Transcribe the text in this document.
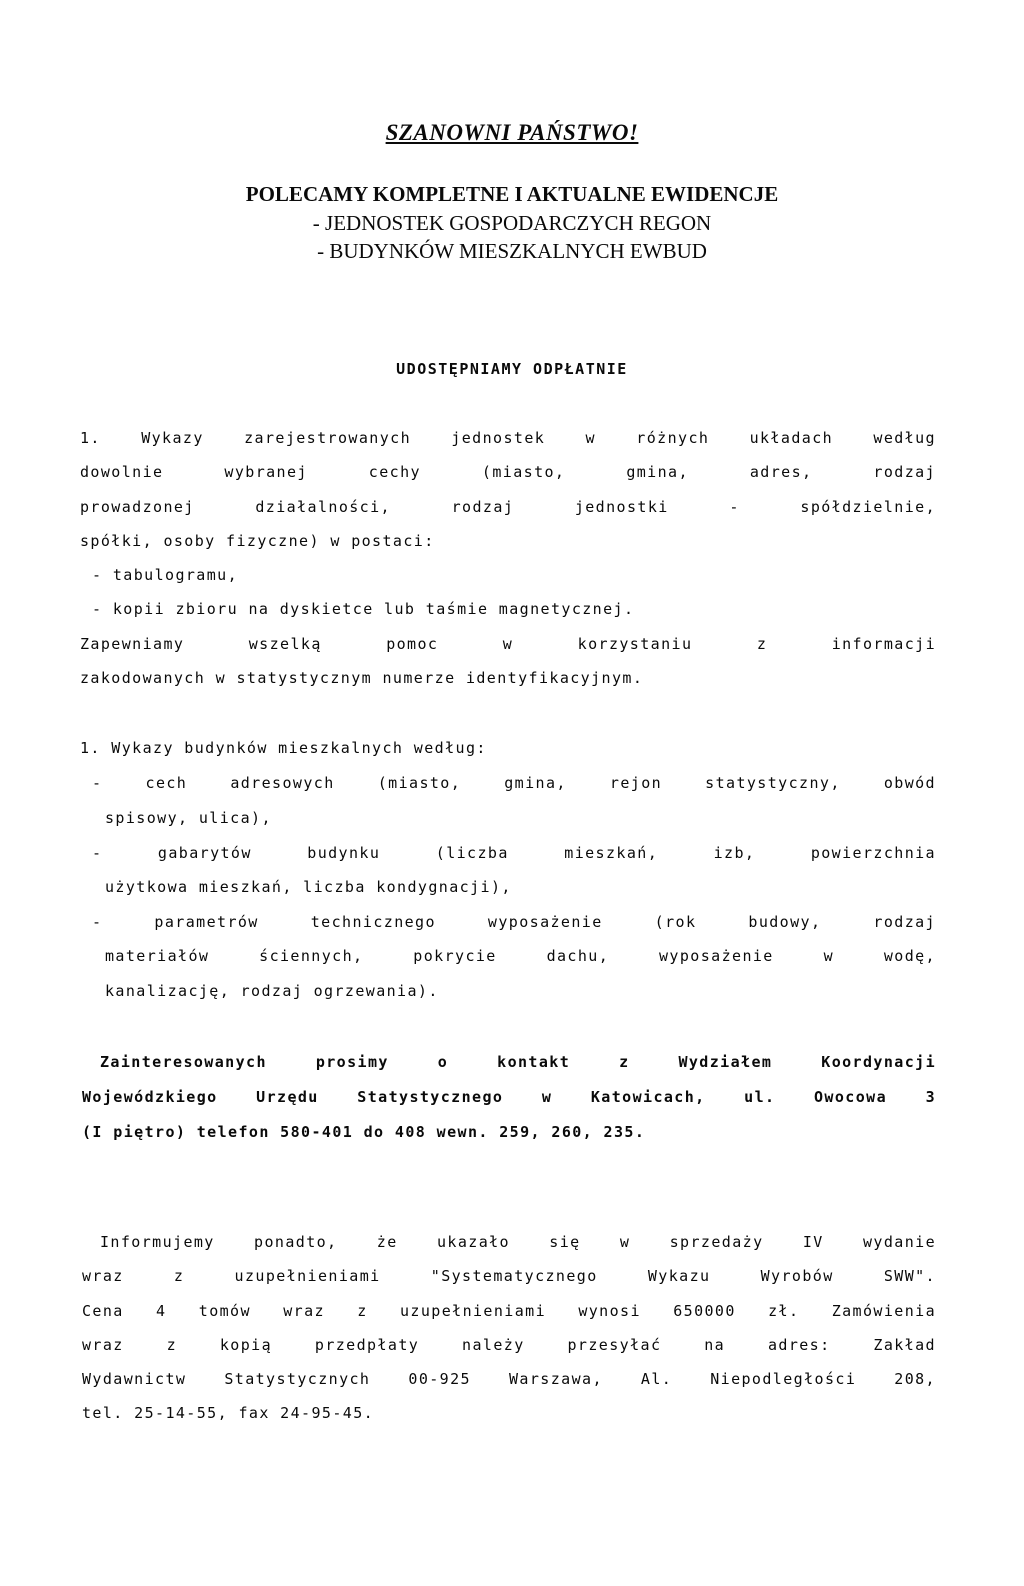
SZANOWNI PAŃSTWO!
POLECAMY KOMPLETNE I AKTUALNE EWIDENCJE
- JEDNOSTEK GOSPODARCZYCH REGON
- BUDYNKÓW MIESZKALNYCH EWBUD
UDOSTĘPNIAMY ODPŁATNIE
1. Wykazy zarejestrowanych jednostek w różnych układach według
dowolnie wybranej cechy (miasto, gmina, adres, rodzaj
prowadzonej działalności, rodzaj jednostki - spółdzielnie,
spółki, osoby fizyczne) w postaci:
- tabulogramu,
- kopii zbioru na dyskietce lub taśmie magnetycznej.
Zapewniamy wszelką pomoc w korzystaniu z informacji
zakodowanych w statystycznym numerze identyfikacyjnym.
1. Wykazy budynków mieszkalnych według:
- cech adresowych (miasto, gmina, rejon statystyczny, obwód
spisowy, ulica),
- gabarytów budynku (liczba mieszkań, izb, powierzchnia
użytkowa mieszkań, liczba kondygnacji),
- parametrów technicznego wyposażenie (rok budowy, rodzaj
materiałów ściennych, pokrycie dachu, wyposażenie w wodę,
kanalizację, rodzaj ogrzewania).
Zainteresowanych prosimy o kontakt z Wydziałem Koordynacji
Wojewódzkiego Urzędu Statystycznego w Katowicach, ul. Owocowa 3
(I piętro) telefon 580-401 do 408 wewn. 259, 260, 235.
Informujemy ponadto, że ukazało się w sprzedaży IV wydanie
wraz z uzupełnieniami "Systematycznego Wykazu Wyrobów SWW".
Cena 4 tomów wraz z uzupełnieniami wynosi 650000 zł. Zamówienia
wraz z kopią przedpłaty należy przesyłać na adres: Zakład
Wydawnictw Statystycznych 00-925 Warszawa, Al. Niepodległości 208,
tel. 25-14-55, fax 24-95-45.
